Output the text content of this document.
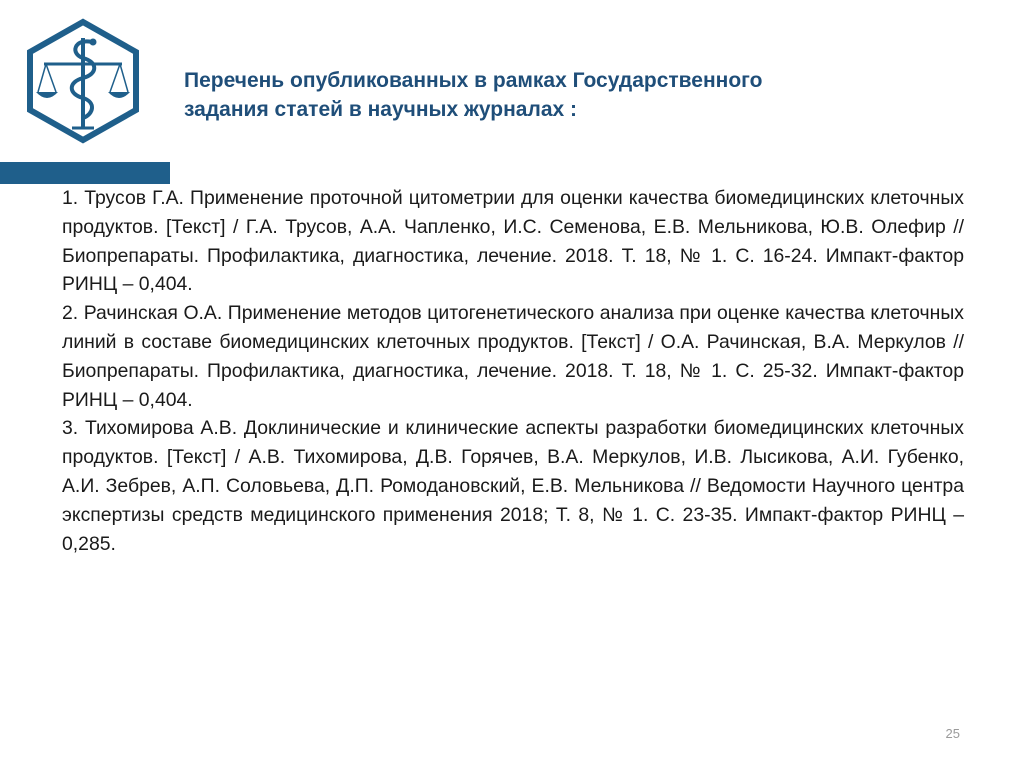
Перечень опубликованных в рамках Государственного
задания статей в научных журналах :

1. Трусов Г.А. Применение проточной цитометрии для оценки качества биомедицинских клеточных продуктов. [Текст] / Г.А. Трусов, А.А. Чапленко, И.С. Семенова, Е.В. Мельникова, Ю.В. Олефир // Биопрепараты. Профилактика, диагностика, лечение. 2018. Т. 18, № 1. С. 16-24. Импакт-фактор РИНЦ – 0,404.

2. Рачинская О.А. Применение методов цитогенетического анализа при оценке качества клеточных линий в составе биомедицинских клеточных продуктов. [Текст] / О.А. Рачинская, В.А. Меркулов // Биопрепараты. Профилактика, диагностика, лечение. 2018. Т. 18, № 1. С. 25-32. Импакт-фактор РИНЦ – 0,404.

3. Тихомирова А.В. Доклинические и клинические аспекты разработки биомедицинских клеточных продуктов. [Текст] / А.В. Тихомирова, Д.В. Горячев, В.А. Меркулов, И.В. Лысикова, А.И. Губенко, А.И. Зебрев, А.П. Соловьева, Д.П. Ромодановский, Е.В. Мельникова // Ведомости Научного центра экспертизы средств медицинского применения 2018; Т. 8, № 1. С. 23-35. Импакт-фактор РИНЦ – 0,285.

25
